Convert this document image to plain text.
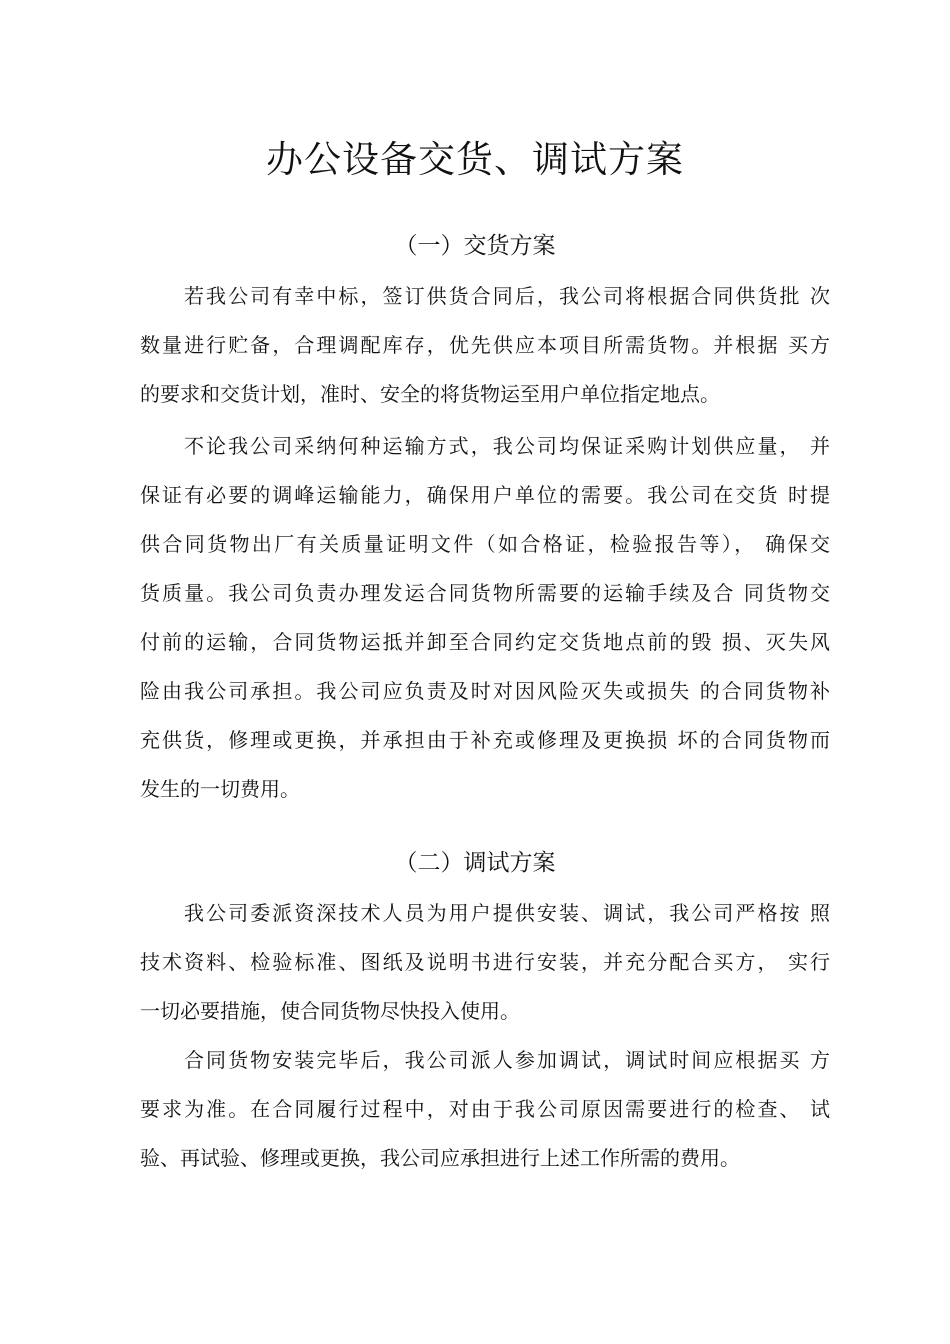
办公设备交货、调试方案
（一）交货方案

若我公司有幸中标，签订供货合同后，我公司将根据合同供货批 次
数量进行贮备，合理调配库存，优先供应本项目所需货物。并根据 买方
的要求和交货计划，准时、安全的将货物运至用户单位指定地点。

不论我公司采纳何种运输方式，我公司均保证采购计划供应量， 并
保证有必要的调峰运输能力，确保用户单位的需要。我公司在交货 时提
供合同货物出厂有关质量证明文件（如合格证，检验报告等）， 确保交
货质量。我公司负责办理发运合同货物所需要的运输手续及合 同货物交
付前的运输，合同货物运抵并卸至合同约定交货地点前的毁 损、灭失风
险由我公司承担。我公司应负责及时对因风险灭失或损失 的合同货物补
充供货，修理或更换，并承担由于补充或修理及更换损 坏的合同货物而
发生的一切费用。

（二）调试方案

我公司委派资深技术人员为用户提供安装、调试，我公司严格按 照
技术资料、检验标准、图纸及说明书进行安装，并充分配合买方， 实行
一切必要措施，使合同货物尽快投入使用。

合同货物安装完毕后，我公司派人参加调试，调试时间应根据买 方
要求为准。在合同履行过程中，对由于我公司原因需要进行的检查、 试
验、再试验、修理或更换，我公司应承担进行上述工作所需的费用。
